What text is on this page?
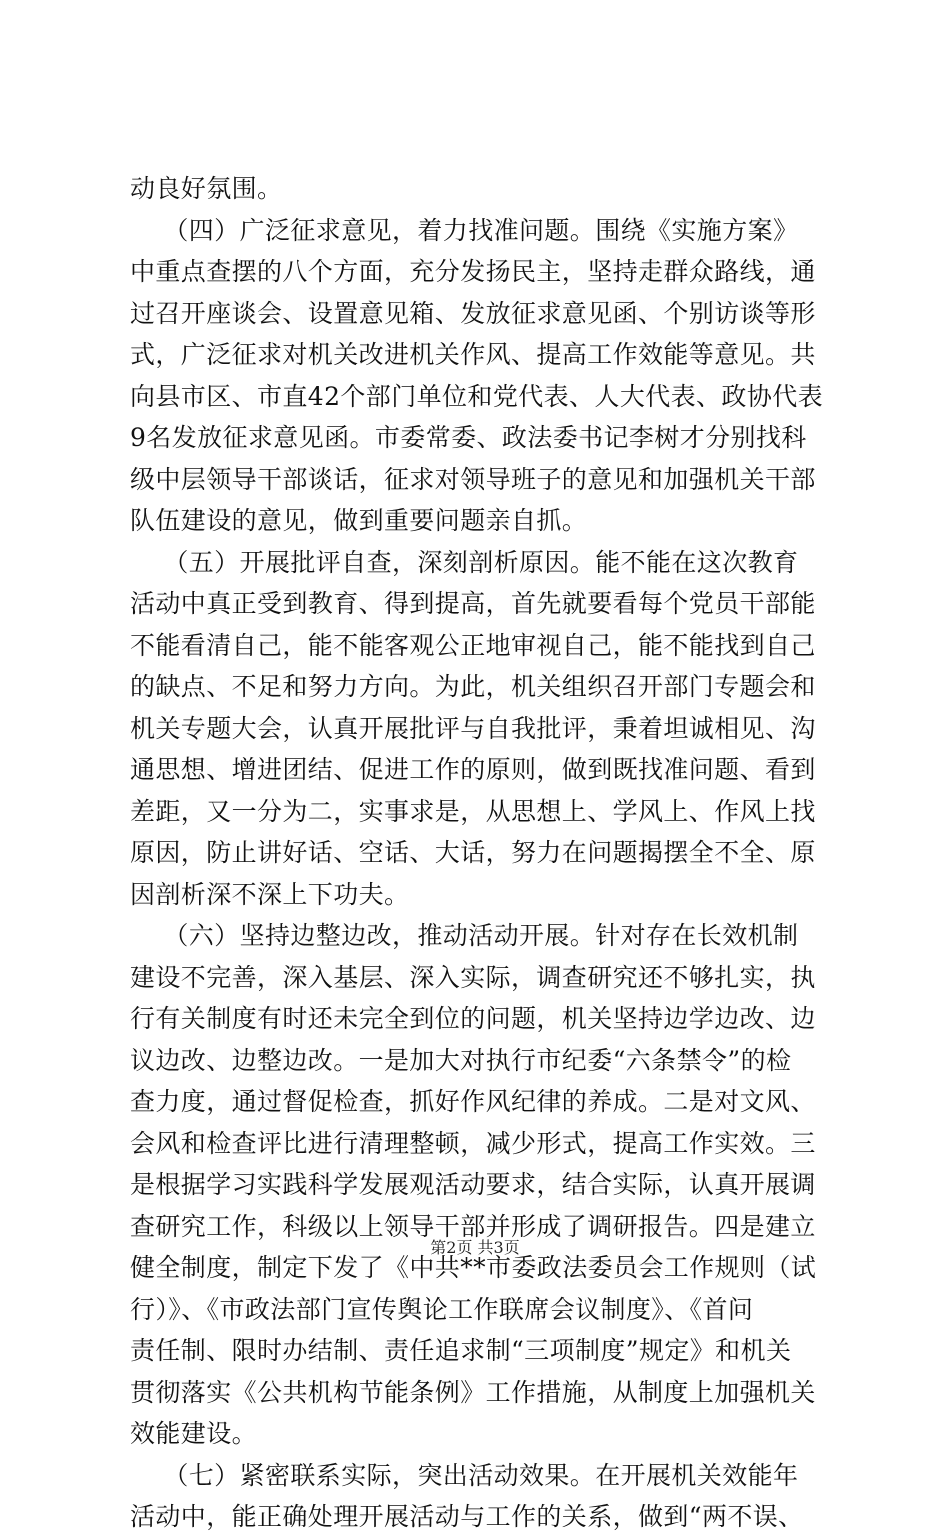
动良好氛围。
（四）广泛征求意见，着力找准问题。围绕《实施方案》
中重点查摆的八个方面，充分发扬民主，坚持走群众路线，通
过召开座谈会、设置意见箱、发放征求意见函、个别访谈等形
式，广泛征求对机关改进机关作风、提高工作效能等意见。共
向县市区、市直42个部门单位和党代表、人大代表、政协代表
9名发放征求意见函。市委常委、政法委书记李树才分别找科
级中层领导干部谈话，征求对领导班子的意见和加强机关干部
队伍建设的意见，做到重要问题亲自抓。
（五）开展批评自查，深刻剖析原因。能不能在这次教育
活动中真正受到教育、得到提高，首先就要看每个党员干部能
不能看清自己，能不能客观公正地审视自己，能不能找到自己
的缺点、不足和努力方向。为此，机关组织召开部门专题会和
机关专题大会，认真开展批评与自我批评，秉着坦诚相见、沟
通思想、增进团结、促进工作的原则，做到既找准问题、看到
差距，又一分为二，实事求是，从思想上、学风上、作风上找
原因，防止讲好话、空话、大话，努力在问题揭摆全不全、原
因剖析深不深上下功夫。
（六）坚持边整边改，推动活动开展。针对存在长效机制
建设不完善，深入基层、深入实际，调查研究还不够扎实，执
行有关制度有时还未完全到位的问题，机关坚持边学边改、边
议边改、边整边改。一是加大对执行市纪委“六条禁令”的检
查力度，通过督促检查，抓好作风纪律的养成。二是对文风、
会风和检查评比进行清理整顿，减少形式，提高工作实效。三
是根据学习实践科学发展观活动要求，结合实际，认真开展调
查研究工作，科级以上领导干部并形成了调研报告。四是建立
健全制度，制定下发了《中共**市委政法委员会工作规则（试
行）》、《市政法部门宣传舆论工作联席会议制度》、《首问
责任制、限时办结制、责任追求制“三项制度”规定》和机关
贯彻落实《公共机构节能条例》工作措施，从制度上加强机关
效能建设。
（七）紧密联系实际，突出活动效果。在开展机关效能年
活动中，能正确处理开展活动与工作的关系，做到“两不误、
第2页 共3页
